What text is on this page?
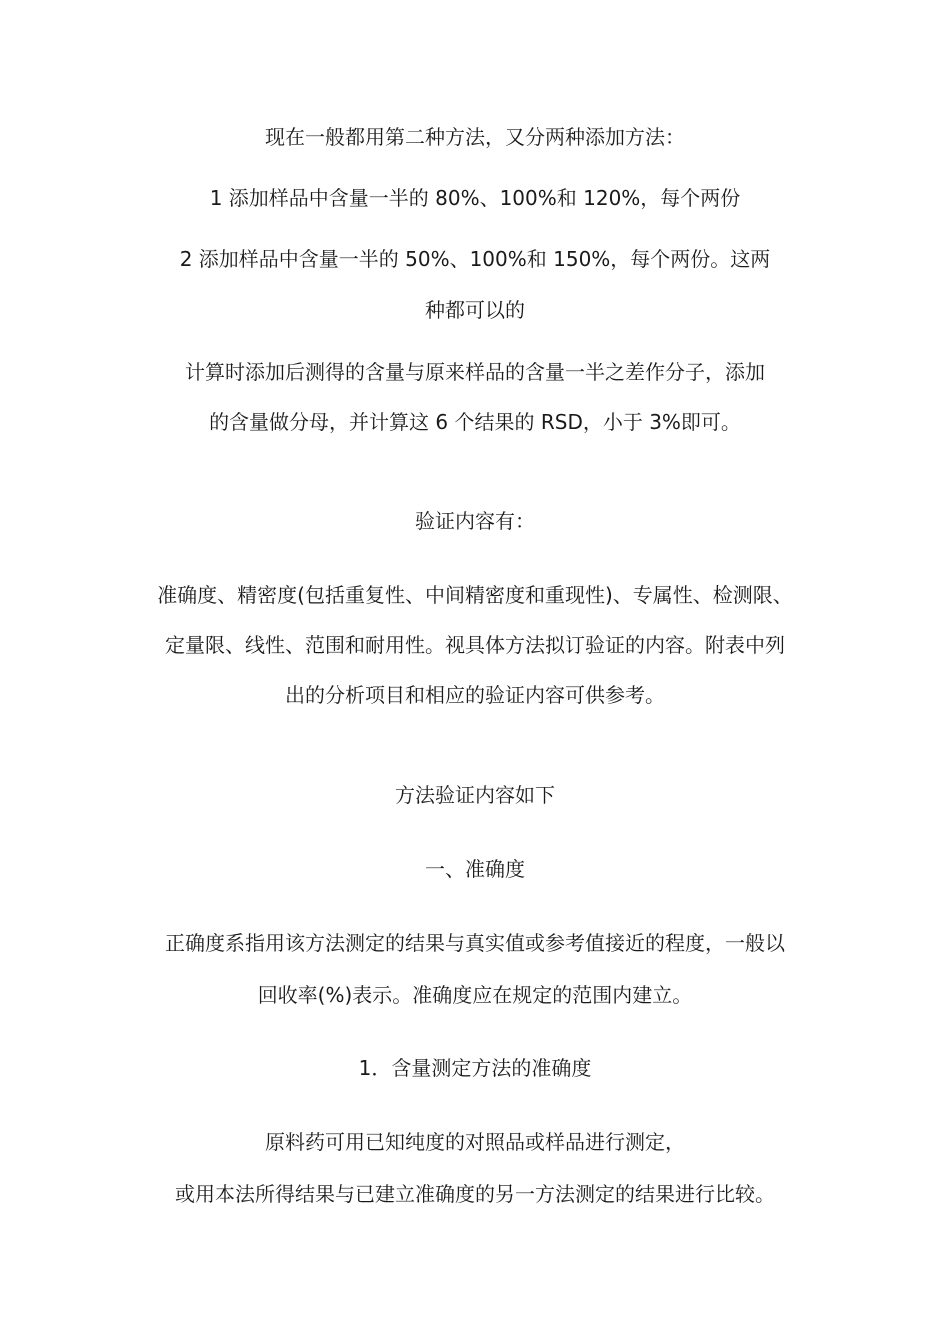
现在一般都用第二种方法，又分两种添加方法：
1 添加样品中含量一半的 80%、100%和 120%，每个两份
2 添加样品中含量一半的 50%、100%和 150%，每个两份。这两
种都可以的
计算时添加后测得的含量与原来样品的含量一半之差作分子，添加
的含量做分母，并计算这 6 个结果的 RSD，小于 3%即可。
验证内容有：
准确度、精密度(包括重复性、中间精密度和重现性)、专属性、检测限、
定量限、线性、范围和耐用性。视具体方法拟订验证的内容。附表中列
出的分析项目和相应的验证内容可供参考。
方法验证内容如下
一、准确度
正确度系指用该方法测定的结果与真实值或参考值接近的程度，一般以
回收率(%)表示。准确度应在规定的范围内建立。
1．含量测定方法的准确度
原料药可用已知纯度的对照品或样品进行测定，
或用本法所得结果与已建立准确度的另一方法测定的结果进行比较。
